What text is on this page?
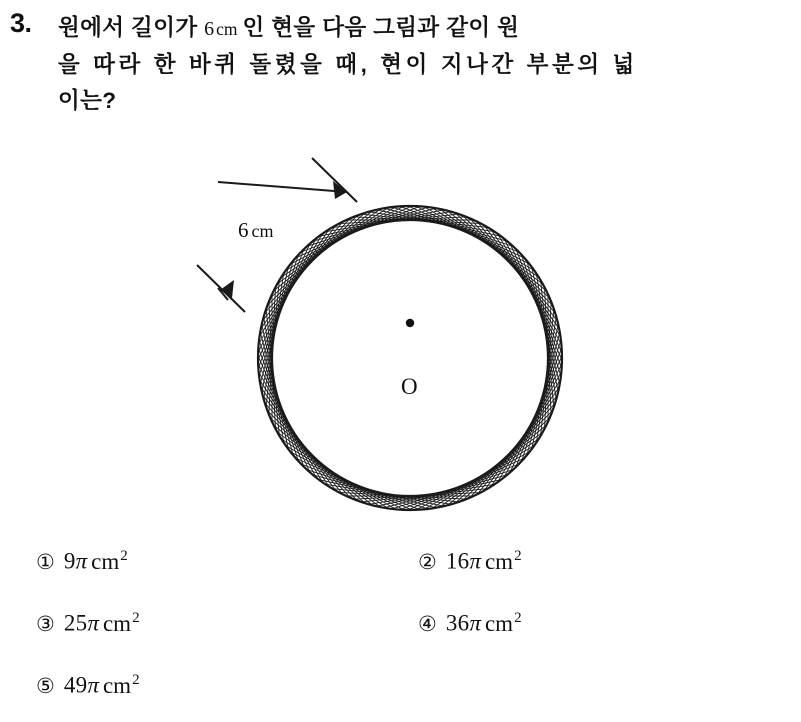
3. 원에서 길이가 6 cm 인 현을 다음 그림과 같이 원
을 따라 한 바퀴 돌렸을 때, 현이 지나간 부분의 넓
이는?
6 cm
O
① 9π $cm^2$	② 16π $cm^2$
③ 25π $cm^2$	④ 36π $cm^2$
⑤ 49π $cm^2$
